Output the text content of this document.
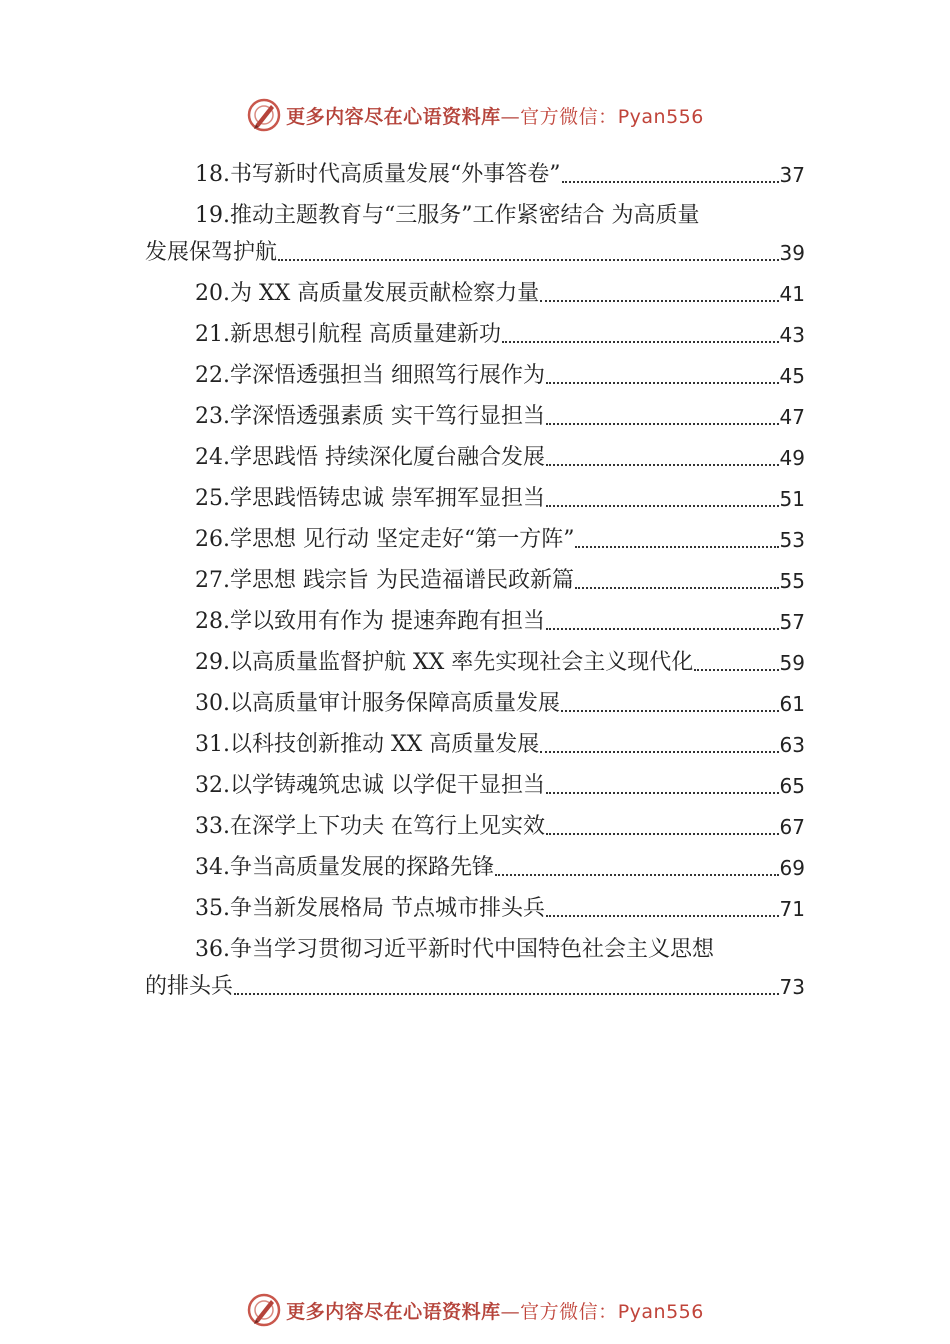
更多内容尽在心语资料库—官方微信：Pyan556
18.书写新时代高质量发展“外事答卷”	37
19.推动主题教育与“三服务”工作紧密结合 为高质量
发展保驾护航	39
20.为 XX 高质量发展贡献检察力量	41
21.新思想引航程 高质量建新功	43
22.学深悟透强担当 细照笃行展作为	45
23.学深悟透强素质 实干笃行显担当	47
24.学思践悟 持续深化厦台融合发展	49
25.学思践悟铸忠诚 崇军拥军显担当	51
26.学思想 见行动 坚定走好“第一方阵”	53
27.学思想 践宗旨 为民造福谱民政新篇	55
28.学以致用有作为 提速奔跑有担当	57
29.以高质量监督护航 XX 率先实现社会主义现代化	59
30.以高质量审计服务保障高质量发展	61
31.以科技创新推动 XX 高质量发展	63
32.以学铸魂筑忠诚 以学促干显担当	65
33.在深学上下功夫 在笃行上见实效	67
34.争当高质量发展的探路先锋	69
35.争当新发展格局 节点城市排头兵	71
36.争当学习贯彻习近平新时代中国特色社会主义思想
的排头兵	73
更多内容尽在心语资料库—官方微信：Pyan556
